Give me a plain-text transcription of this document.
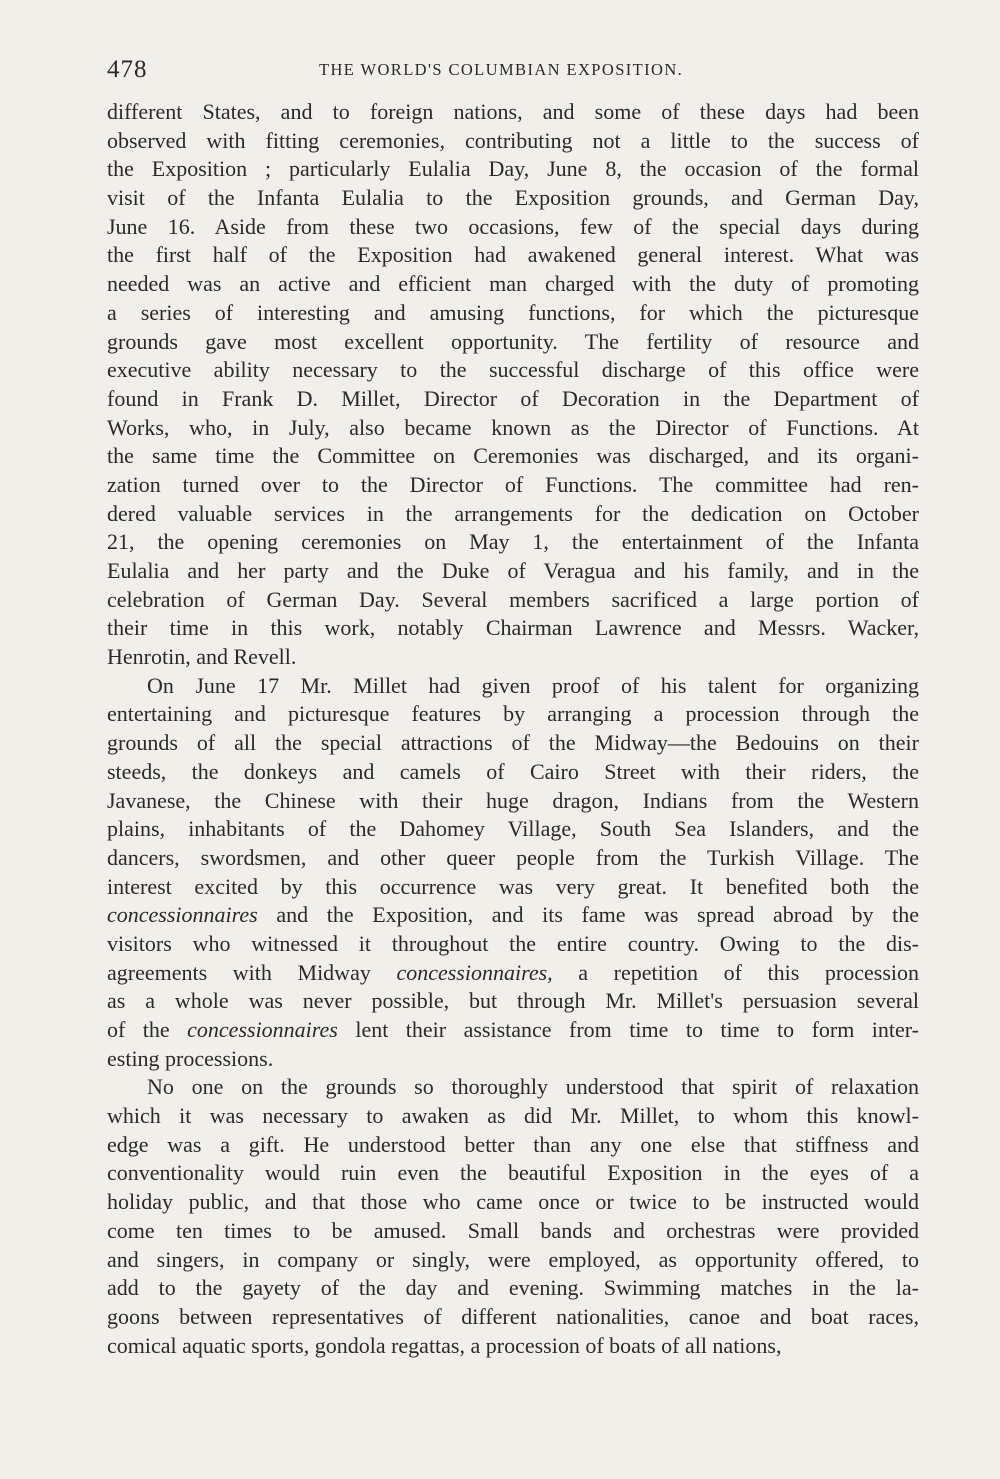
478	THE WORLD'S COLUMBIAN EXPOSITION.
different States, and to foreign nations, and some of these days had been
observed with fitting ceremonies, contributing not a little to the success of
the Exposition ; particularly Eulalia Day, June 8, the occasion of the formal
visit of the Infanta Eulalia to the Exposition grounds, and German Day,
June 16. Aside from these two occasions, few of the special days during
the first half of the Exposition had awakened general interest. What was
needed was an active and efficient man charged with the duty of promoting
a series of interesting and amusing functions, for which the picturesque
grounds gave most excellent opportunity. The fertility of resource and
executive ability necessary to the successful discharge of this office were
found in Frank D. Millet, Director of Decoration in the Department of
Works, who, in July, also became known as the Director of Functions. At
the same time the Committee on Ceremonies was discharged, and its organi-
zation turned over to the Director of Functions. The committee had ren-
dered valuable services in the arrangements for the dedication on October
21, the opening ceremonies on May 1, the entertainment of the Infanta
Eulalia and her party and the Duke of Veragua and his family, and in the
celebration of German Day. Several members sacrificed a large portion of
their time in this work, notably Chairman Lawrence and Messrs. Wacker,
Henrotin, and Revell.
On June 17 Mr. Millet had given proof of his talent for organizing
entertaining and picturesque features by arranging a procession through the
grounds of all the special attractions of the Midway—the Bedouins on their
steeds, the donkeys and camels of Cairo Street with their riders, the
Javanese, the Chinese with their huge dragon, Indians from the Western
plains, inhabitants of the Dahomey Village, South Sea Islanders, and the
dancers, swordsmen, and other queer people from the Turkish Village. The
interest excited by this occurrence was very great. It benefited both the
concessionnaires and the Exposition, and its fame was spread abroad by the
visitors who witnessed it throughout the entire country. Owing to the dis-
agreements with Midway concessionnaires, a repetition of this procession
as a whole was never possible, but through Mr. Millet's persuasion several
of the concessionnaires lent their assistance from time to time to form inter-
esting processions.
No one on the grounds so thoroughly understood that spirit of relaxation
which it was necessary to awaken as did Mr. Millet, to whom this knowl-
edge was a gift. He understood better than any one else that stiffness and
conventionality would ruin even the beautiful Exposition in the eyes of a
holiday public, and that those who came once or twice to be instructed would
come ten times to be amused. Small bands and orchestras were provided
and singers, in company or singly, were employed, as opportunity offered, to
add to the gayety of the day and evening. Swimming matches in the la-
goons between representatives of different nationalities, canoe and boat races,
comical aquatic sports, gondola regattas, a procession of boats of all nations,
